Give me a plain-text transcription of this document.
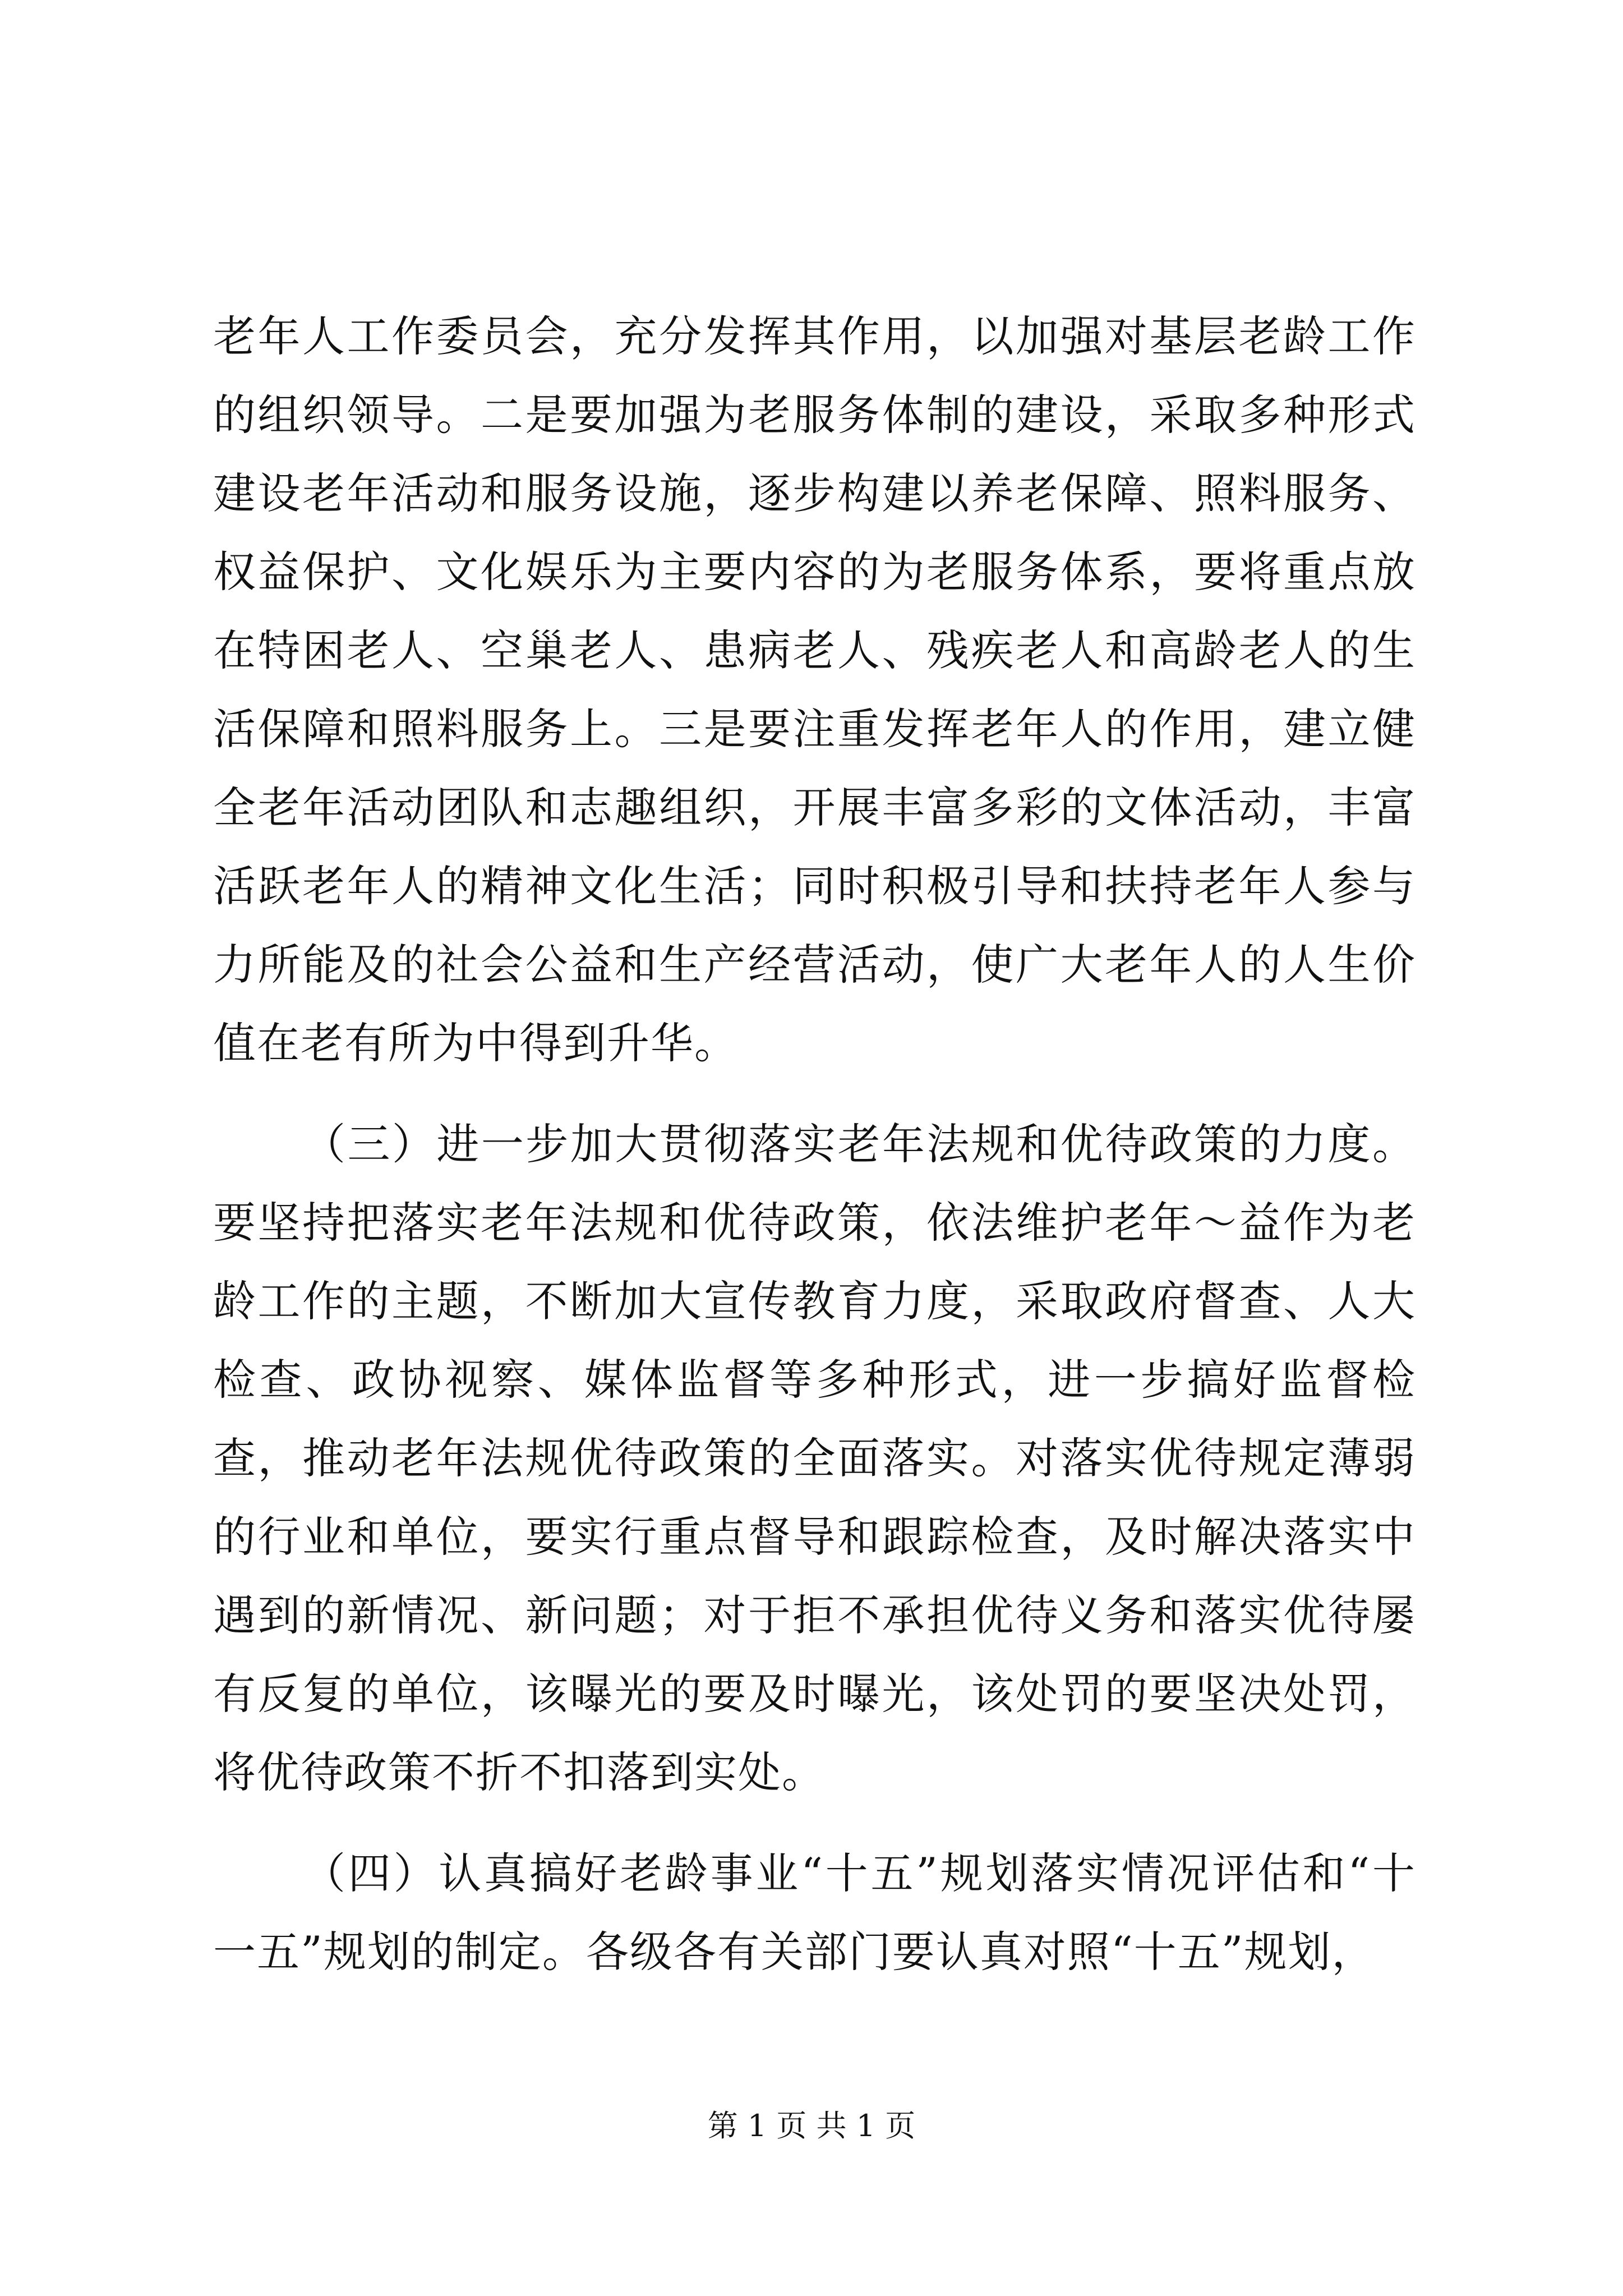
老年人工作委员会，充分发挥其作用，以加强对基层老龄工作的组织领导。二是要加强为老服务体制的建设，采取多种形式建设老年活动和服务设施，逐步构建以养老保障、照料服务、权益保护、文化娱乐为主要内容的为老服务体系，要将重点放在特困老人、空巢老人、患病老人、残疾老人和高龄老人的生活保障和照料服务上。三是要注重发挥老年人的作用，建立健全老年活动团队和志趣组织，开展丰富多彩的文体活动，丰富活跃老年人的精神文化生活；同时积极引导和扶持老年人参与力所能及的社会公益和生产经营活动，使广大老年人的人生价值在老有所为中得到升华。

（三）进一步加大贯彻落实老年法规和优待政策的力度。要坚持把落实老年法规和优待政策，依法维护老年～益作为老龄工作的主题，不断加大宣传教育力度，采取政府督查、人大检查、政协视察、媒体监督等多种形式，进一步搞好监督检查，推动老年法规优待政策的全面落实。对落实优待规定薄弱的行业和单位，要实行重点督导和跟踪检查，及时解决落实中遇到的新情况、新问题；对于拒不承担优待义务和落实优待屡有反复的单位，该曝光的要及时曝光，该处罚的要坚决处罚，将优待政策不折不扣落到实处。

（四）认真搞好老龄事业“十五”规划落实情况评估和“十一五”规划的制定。各级各有关部门要认真对照“十五”规划，

第 1 页 共 1 页
